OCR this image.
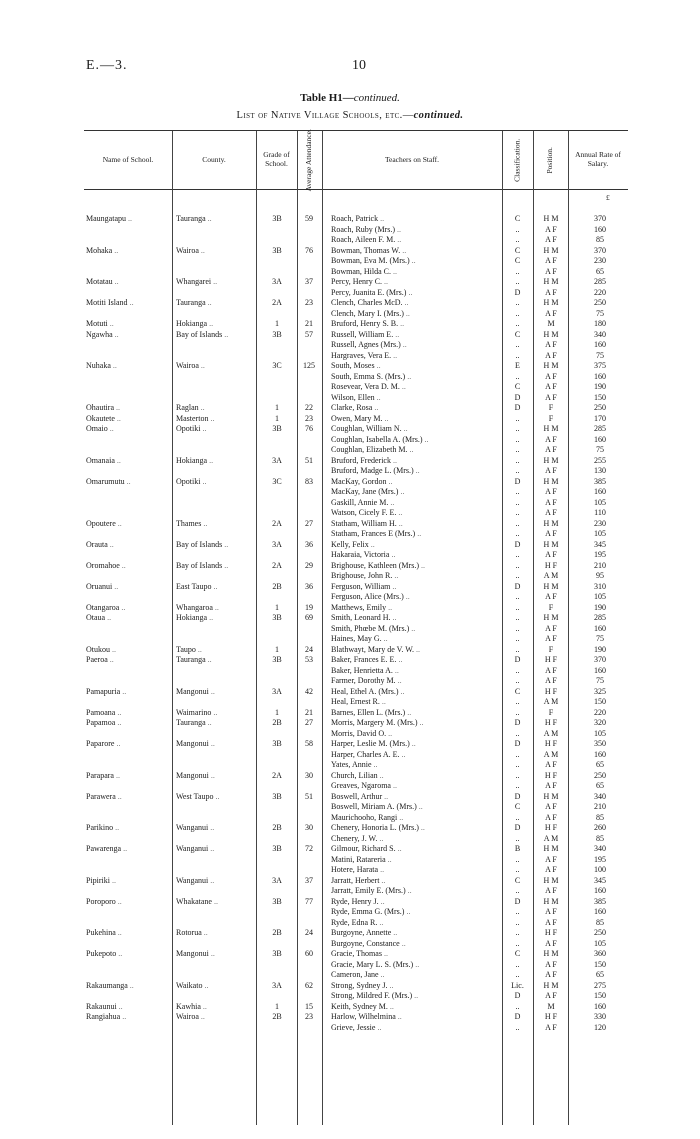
E.—3.	10
Table H1—continued.
List of Native Village Schools, etc.—continued.
Name of School.	County.	Grade of School.	Average Attendance.	Teachers on Staff.	Classification.	Position.	Annual Rate of Salary.
£
Maungatapu ..	Tauranga ..	3B	59	Roach, Patrick ..	C	H M	370
Roach, Ruby (Mrs.) ..	..	A F	160
Roach, Aileen F. M. ..	..	A F	85
Mohaka ..	Wairoa ..	3B	76	Bowman, Thomas W. ..	C	H M	370
Bowman, Eva M. (Mrs.) ..	C	A F	230
Bowman, Hilda C. ..	..	A F	65
Motatau ..	Whangarei ..	3A	37	Percy, Henry C. ..	..	H M	285
Percy, Juanita E. (Mrs.) ..	D	A F	220
Motiti Island ..	Tauranga ..	2A	23	Clench, Charles McD. ..	..	H M	250
Clench, Mary I. (Mrs.) ..	..	A F	75
Motuti ..	Hokianga ..	1	21	Bruford, Henry S. B. ..	..	M	180
Ngawha ..	Bay of Islands ..	3B	57	Russell, William E. ..	C	H M	340
Russell, Agnes (Mrs.) ..	..	A F	160
Hargraves, Vera E. ..	..	A F	75
Nuhaka ..	Wairoa ..	3C	125	South, Moses ..	E	H M	375
South, Emma S. (Mrs.) ..	..	A F	160
Rosevear, Vera D. M. ..	C	A F	190
Wilson, Ellen ..	D	A F	150
Ohautira ..	Raglan ..	1	22	Clarke, Rosa ..	D	F	250
Okautete ..	Masterton ..	1	23	Owen, Mary M. ..	..	F	170
Omaio ..	Opotiki ..	3B	76	Coughlan, William N. ..	..	H M	285
Coughlan, Isabella A. (Mrs.) ..	..	A F	160
Coughlan, Elizabeth M. ..	..	A F	75
Omanaia ..	Hokianga ..	3A	51	Bruford, Frederick ..	..	H M	255
Bruford, Madge L. (Mrs.) ..	..	A F	130
Omarumutu ..	Opotiki ..	3C	83	MacKay, Gordon ..	D	H M	385
MacKay, Jane (Mrs.) ..	..	A F	160
Gaskill, Annie M. ..	..	A F	105
Watson, Cicely F. E. ..	..	A F	110
Opoutere ..	Thames ..	2A	27	Statham, William H. ..	..	H M	230
Statham, Frances E (Mrs.) ..	..	A F	105
Orauta ..	Bay of Islands ..	3A	36	Kelly, Felix ..	D	H M	345
Hakaraia, Victoria ..	..	A F	195
Oromahoe ..	Bay of Islands ..	2A	29	Brighouse, Kathleen (Mrs.) ..	..	H F	210
Brighouse, John R. ..	..	A M	95
Oruanui ..	East Taupo ..	2B	36	Ferguson, William ..	D	H M	310
Ferguson, Alice (Mrs.) ..	..	A F	105
Otangaroa ..	Whangaroa ..	1	19	Matthews, Emily ..	..	F	190
Otaua ..	Hokianga ..	3B	69	Smith, Leonard H. ..	..	H M	285
Smith, Phœbe M. (Mrs.) ..	..	A F	160
Haines, May G. ..	..	A F	75
Otukou ..	Taupo ..	1	24	Blathwayt, Mary de V. W. ..	..	F	190
Paeroa ..	Tauranga ..	3B	53	Baker, Frances E. E. ..	D	H F	370
Baker, Henrietta A. ..	..	A F	160
Farmer, Dorothy M. ..	..	A F	75
Pamapuria ..	Mangonui ..	3A	42	Heal, Ethel A. (Mrs.) ..	C	H F	325
Heal, Ernest R. ..	..	A M	150
Pamoana ..	Waimarino ..	1	21	Barnes, Ellen L. (Mrs.) ..	..	F	220
Papamoa ..	Tauranga ..	2B	27	Morris, Margery M. (Mrs.) ..	D	H F	320
Morris, David O. ..	..	A M	105
Paparore ..	Mangonui ..	3B	58	Harper, Leslie M. (Mrs.) ..	D	H F	350
Harper, Charles A. E. ..	..	A M	160
Yates, Annie ..	..	A F	65
Parapara ..	Mangonui ..	2A	30	Church, Lilian ..	..	H F	250
Greaves, Ngaroma ..	..	A F	65
Parawera ..	West Taupo ..	3B	51	Boswell, Arthur ..	D	H M	340
Boswell, Miriam A. (Mrs.) ..	C	A F	210
Maurichooho, Rangi ..	..	A F	85
Parikino ..	Wanganui ..	2B	30	Chenery, Honoria L. (Mrs.) ..	D	H F	260
Chenery, J. W. ..	..	A M	85
Pawarenga ..	Wanganui ..	3B	72	Gilmour, Richard S. ..	B	H M	340
Matini, Ratareria ..	..	A F	195
Hotere, Harata ..	..	A F	100
Pipiriki ..	Wanganui ..	3A	37	Jarratt, Herbert ..	C	H M	345
Jarratt, Emily E. (Mrs.) ..	..	A F	160
Poroporo ..	Whakatane ..	3B	77	Ryde, Henry J. ..	D	H M	385
Ryde, Emma G. (Mrs.) ..	..	A F	160
Ryde, Edna R. ..	..	A F	85
Pukehina ..	Rotorua ..	2B	24	Burgoyne, Annette ..	..	H F	250
Burgoyne, Constance ..	..	A F	105
Pukepoto ..	Mangonui ..	3B	60	Gracie, Thomas ..	C	H M	360
Gracie, Mary L. S. (Mrs.) ..	..	A F	150
Cameron, Jane ..	..	A F	65
Rakaumanga ..	Waikato ..	3A	62	Strong, Sydney J. ..	Lic.	H M	275
Strong, Mildred F. (Mrs.) ..	D	A F	150
Rakaunui ..	Kawhia ..	1	15	Keith, Sydney M. ..	..	M	160
Rangiahua ..	Wairoa ..	2B	23	Harlow, Wilhelmina ..	D	H F	330
Grieve, Jessie ..	..	A F	120
